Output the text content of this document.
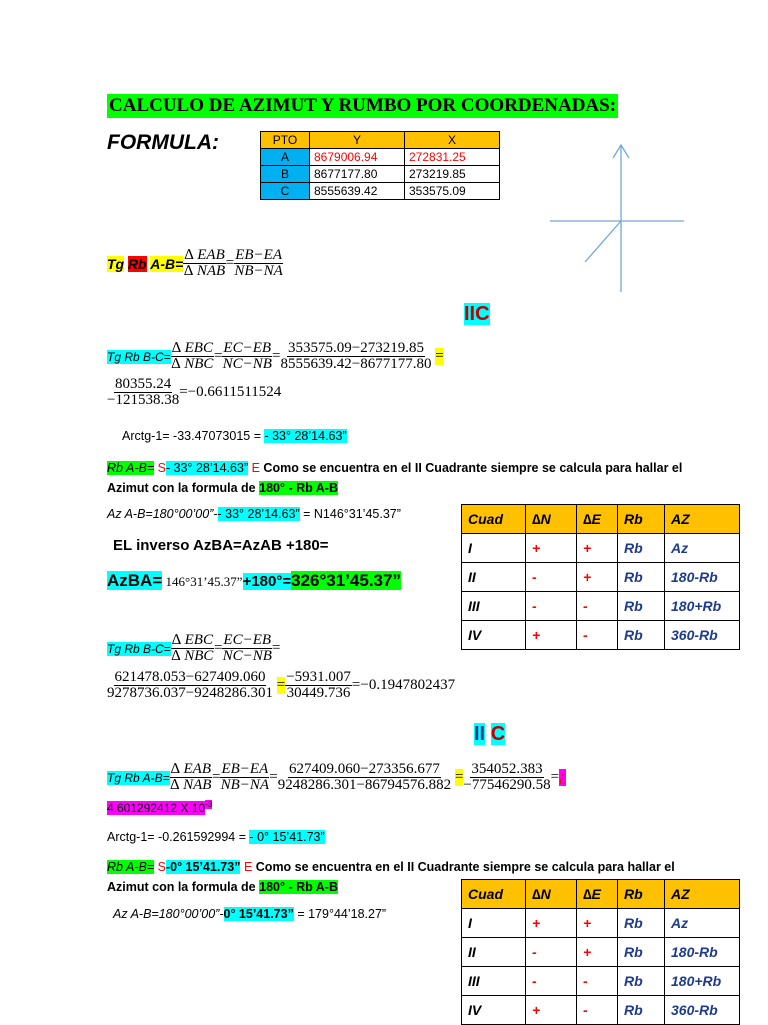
CALCULO DE AZIMUT Y RUMBO POR COORDENADAS:
FORMULA:	PTO	Y	X
A	8679006.94	272831.25
B	8677177.80	273219.85
C	8555639.42	353575.09
Tg
Rb
$A-B= \frac{\text{∆ EAB}}{\text{∆ NAB}} = \frac{EB-EA}{NB-NA}$
IIC
Tg Rb $B-C= \frac{\text{∆ EBC}}{\text{∆ NBC}} = \frac{EC-EB}{NC-NB} = \frac{353575.09-273219.85}{8555639.42-8677177.80}$
=
$\frac{80355.24}{-121538.38} =-0.6611511524$
Arctg-1= -33.47073015 = - 33° 28’14.63”
Rb A-B= S- 33° 28’14.63” E Como se encuentra en el II Cuadrante siempre se calcula para hallar el
Azimut con la formula de 180° - Rb A-B
Az A-B=180°00’00”-- 33° 28’14.63” = N146°31’45.37”
EL inverso AzBA=AzAB +180=
AzBA= 146°31’45.37”+180°=326°31’45.37”
Tg Rb $B-C= \frac{\text{∆ EBC}}{\text{∆ NBC}} = \frac{EC-EB}{NC-NB}$ =
$\frac{621478.053-627409.060}{9278736.037-9248286.301}$
= $\frac{-5931.007}{30449.736} =-0.1947802437$
II C
Tg Rb $A-B= \frac{\text{∆ EAB}}{\text{∆ NAB}} = \frac{EB-EA}{NB-NA} = \frac{627409.060-273356.677}{9248286.301-86794576.882}$
= $\frac{354052.383}{-77546290.58}$ = ¿
4.601292412 X $10^{-3}$
Arctg-1= -0.261592994 = - 0° 15’41.73”
Rb A-B= S-0° 15’41.73” E Como se encuentra en el II Cuadrante siempre se calcula para hallar el
Azimut con la formula de 180° - Rb A-B
Az A-B=180°00’00”-0° 15’41.73” = 179°44’18.27”
Cuad	∆N	∆E	Rb	AZ
I	+	+	Rb	Az
II	-	+	Rb	180-Rb
III	-	-	Rb	180+Rb
IV	+	-	Rb	360-Rb
Cuad	∆N	∆E	Rb	AZ
I	+	+	Rb	Az
II	-	+	Rb	180-Rb
III	-	-	Rb	180+Rb
IV	+	-	Rb	360-Rb
